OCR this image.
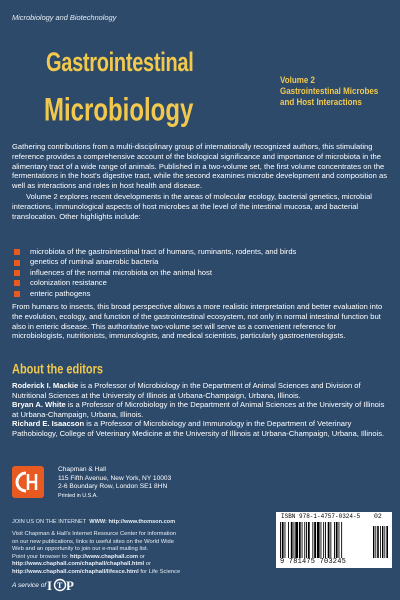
Microbiology and Biotechnology
Gastrointestinal
Microbiology
Volume 2
Gastrointestinal Microbes
and Host Interactions

Gathering contributions from a multi-disciplinary group of internationally recognized authors, this stimulating reference provides a comprehensive account of the biological significance and importance of microbiota in the alimentary tract of a wide range of animals. Published in a two-volume set, the first volume concentrates on the fermentations in the host's digestive tract, while the second examines microbe development and composition as well as interactions and roles in host health and disease.

Volume 2 explores recent developments in the areas of molecular ecology, bacterial genetics, microbial interactions, immunological aspects of host microbes at the level of the intestinal mucosa, and bacterial translocation. Other highlights include:

microbiota of the gastrointestinal tract of humans, ruminants, rodents, and birds
genetics of ruminal anaerobic bacteria
influences of the normal microbiota on the animal host
colonization resistance
enteric pathogens
From humans to insects, this broad perspective allows a more realistic interpretation and better evaluation into the evolution, ecology, and function of the gastrointestinal ecosystem, not only in normal intestinal function but also in enteric disease. This authoritative two-volume set will serve as a convenient reference for microbiologists, nutritionists, immunologists, and medical scientists, particularly gastroenterologists.
About the editors

Roderick I. Mackie is a Professor of Microbiology in the Department of Animal Sciences and Division of Nutritional Sciences at the University of Illinois at Urbana-Champaign, Urbana, Illinois.

Bryan A. White is a Professor of Microbiology in the Department of Animal Sciences at the University of Illinois at Urbana-Champaign, Urbana, Illinois.

Richard E. Isaacson is a Professor of Microbiology and Immunology in the Department of Veterinary Pathobiology, College of Veterinary Medicine at the University of Illinois at Urbana-Champaign, Urbana, Illinois.

Chapman & Hall
115 Fifth Avenue, New York, NY 10003
2-6 Boundary Row, London SE1 8HN
Printed in U.S.A.
JOIN US ON THE INTERNET WWW: http://www.thomson.com
Visit Chapman & Hall's Internet Resource Center for information
on our new publications, links to useful sites on the World Wide
Web and an opportunity to join our e-mail mailing list.
Point your browser to: http://www.chaphall.com or
http://www.chaphall.com/chaphall/chaphall.html or
http://www.chaphall.com/chaphall/lifesce.html for Life Science
A service of I T P
ISBN 978-1-4757-0324-5 02
9 781475 703245
